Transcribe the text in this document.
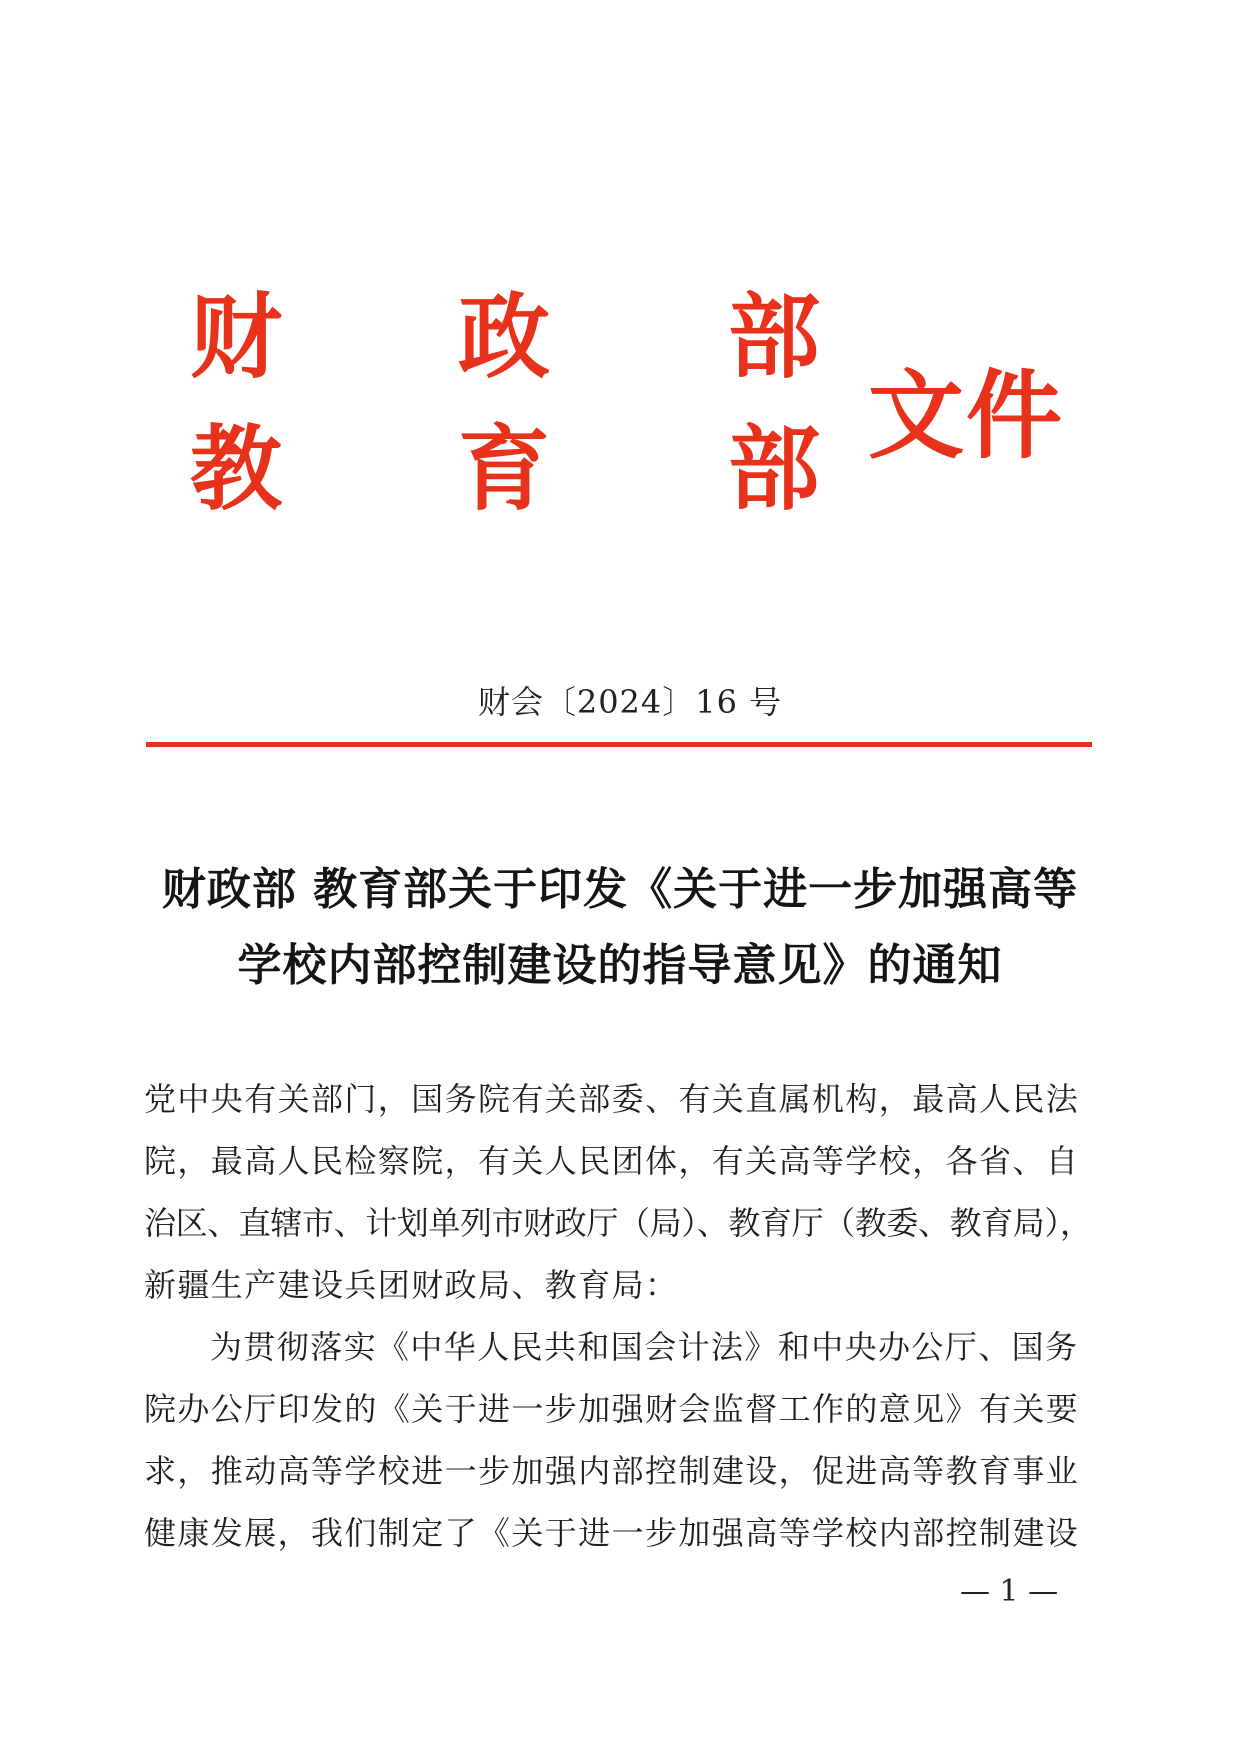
财 政 部
教 育 部 文件
财会〔2024〕16 号
财政部 教育部关于印发《关于进一步加强高等
学校内部控制建设的指导意见》的通知
党中央有关部门，国务院有关部委、有关直属机构，最高人民法
院，最高人民检察院，有关人民团体，有关高等学校，各省、自
治区、直辖市、计划单列市财政厅（局）、教育厅（教委、教育局），
新疆生产建设兵团财政局、教育局：
为贯彻落实《中华人民共和国会计法》和中央办公厅、国务
院办公厅印发的《关于进一步加强财会监督工作的意见》有关要
求，推动高等学校进一步加强内部控制建设，促进高等教育事业
健康发展，我们制定了《关于进一步加强高等学校内部控制建设
— 1 —
